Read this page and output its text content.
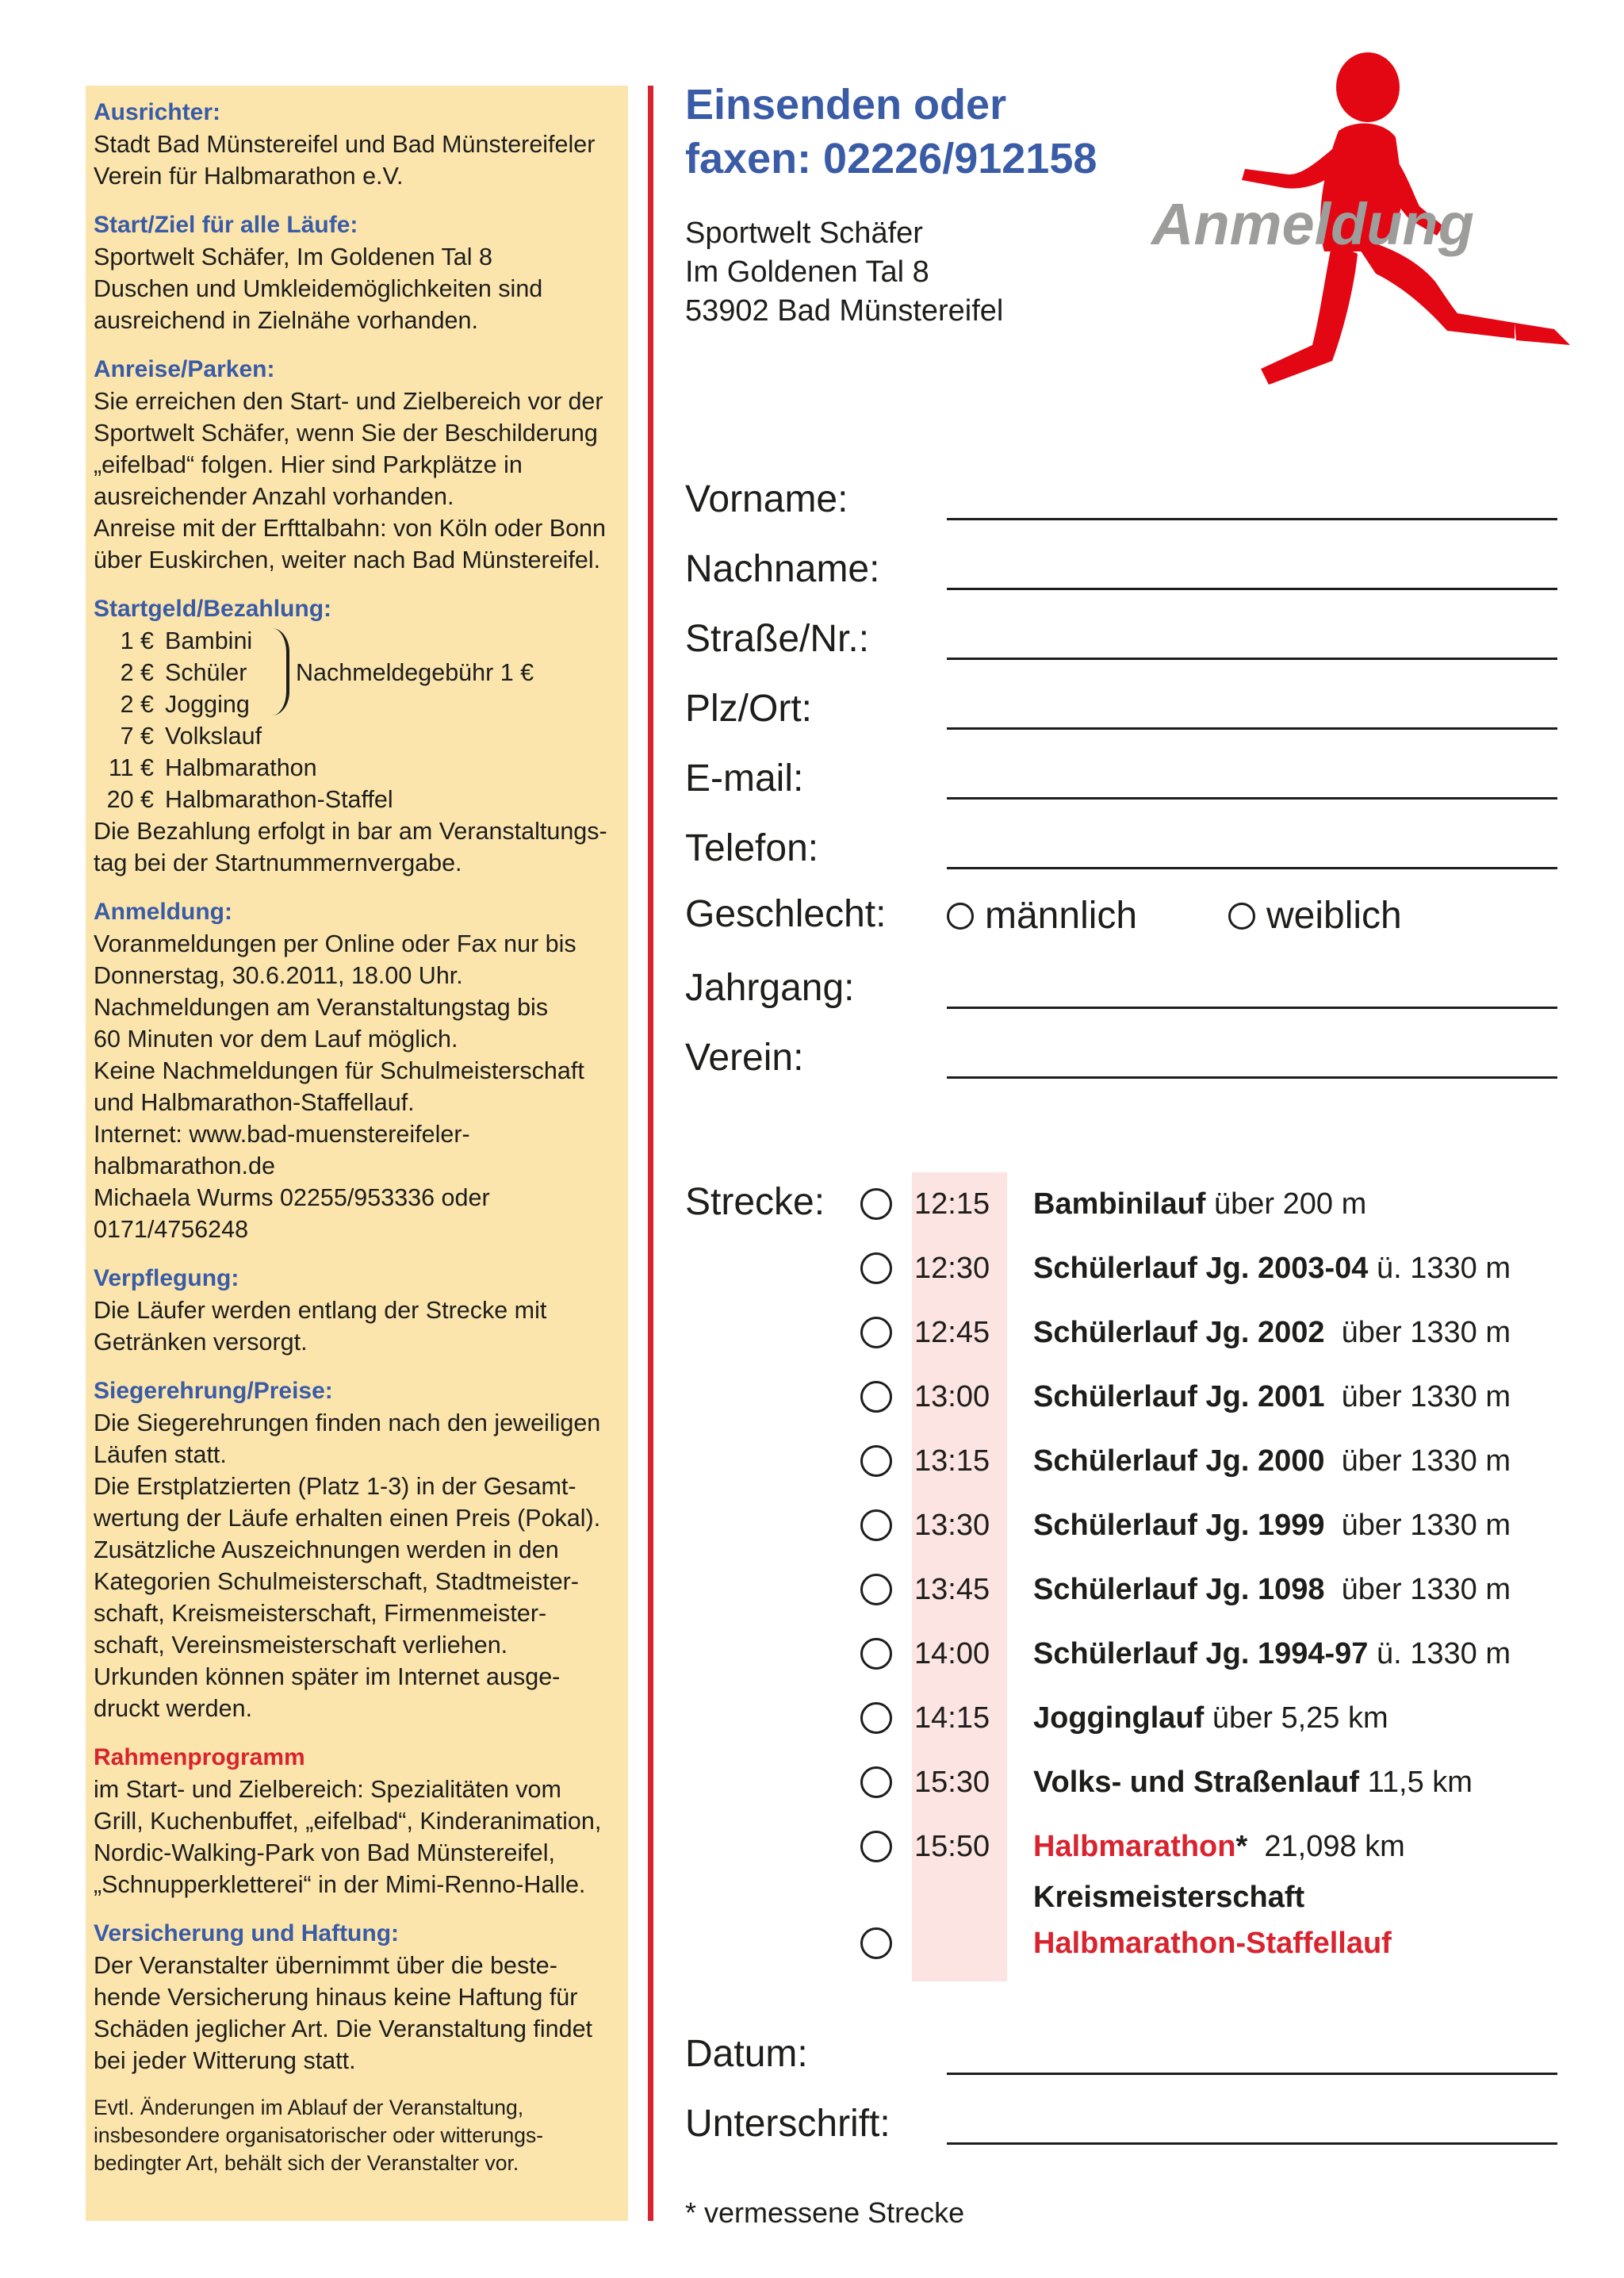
Ausrichter:
Stadt Bad Münstereifel und Bad Münstereifeler
Verein für Halbmarathon e.V.
Start/Ziel für alle Läufe:
Sportwelt Schäfer, Im Goldenen Tal 8
Duschen und Umkleidemöglichkeiten sind
ausreichend in Zielnähe vorhanden.
Anreise/Parken:
Sie erreichen den Start- und Zielbereich vor der
Sportwelt Schäfer, wenn Sie der Beschilderung
„eifelbad“ folgen. Hier sind Parkplätze in
ausreichender Anzahl vorhanden.
Anreise mit der Erfttalbahn: von Köln oder Bonn
über Euskirchen, weiter nach Bad Münstereifel.
Startgeld/Bezahlung:
1 € Bambini
2 € Schüler
2 € Jogging
7 € Volkslauf
11 € Halbmarathon
20 € Halbmarathon-Staffel
Nachmeldegebühr 1 €
Die Bezahlung erfolgt in bar am Veranstaltungs-
tag bei der Startnummernvergabe.
Anmeldung:
Voranmeldungen per Online oder Fax nur bis
Donnerstag, 30.6.2011, 18.00 Uhr.
Nachmeldungen am Veranstaltungstag bis
60 Minuten vor dem Lauf möglich.
Keine Nachmeldungen für Schulmeisterschaft
und Halbmarathon-Staffellauf.
Internet: www.bad-muenstereifeler-
halbmarathon.de
Michaela Wurms 02255/953336 oder
0171/4756248
Verpflegung:
Die Läufer werden entlang der Strecke mit
Getränken versorgt.
Siegerehrung/Preise:
Die Siegerehrungen finden nach den jeweiligen
Läufen statt.
Die Erstplatzierten (Platz 1-3) in der Gesamt-
wertung der Läufe erhalten einen Preis (Pokal).
Zusätzliche Auszeichnungen werden in den
Kategorien Schulmeisterschaft, Stadtmeister-
schaft, Kreismeisterschaft, Firmenmeister-
schaft, Vereinsmeisterschaft verliehen.
Urkunden können später im Internet ausge-
druckt werden.
Rahmenprogramm
im Start- und Zielbereich: Spezialitäten vom
Grill, Kuchenbuffet, „eifelbad“, Kinderanimation,
Nordic-Walking-Park von Bad Münstereifel,
„Schnupperkletterei“ in der Mimi-Renno-Halle.
Versicherung und Haftung:
Der Veranstalter übernimmt über die beste-
hende Versicherung hinaus keine Haftung für
Schäden jeglicher Art. Die Veranstaltung findet
bei jeder Witterung statt.
Evtl. Änderungen im Ablauf der Veranstaltung,
insbesondere organisatorischer oder witterungs-
bedingter Art, behält sich der Veranstalter vor.
Einsenden oder
faxen: 02226/912158
Sportwelt Schäfer
Im Goldenen Tal 8
53902 Bad Münstereifel
Anmeldung
Vorname:
Nachname:
Straße/Nr.:
Plz/Ort:
E-mail:
Telefon:
Geschlecht:	männlich	weiblich
Jahrgang:
Verein:
Strecke:	12:15 Bambinilauf über 200 m
12:30 Schülerlauf Jg. 2003-04 ü. 1330 m
12:45 Schülerlauf Jg. 2002  über 1330 m
13:00 Schülerlauf Jg. 2001  über 1330 m
13:15 Schülerlauf Jg. 2000  über 1330 m
13:30 Schülerlauf Jg. 1999  über 1330 m
13:45 Schülerlauf Jg. 1098  über 1330 m
14:00 Schülerlauf Jg. 1994-97 ü. 1330 m
14:15 Jogginglauf über 5,25 km
15:30 Volks- und Straßenlauf 11,5 km
15:50 Halbmarathon*  21,098 km
Kreismeisterschaft
Halbmarathon-Staffellauf
Datum:
Unterschrift:
* vermessene Strecke
